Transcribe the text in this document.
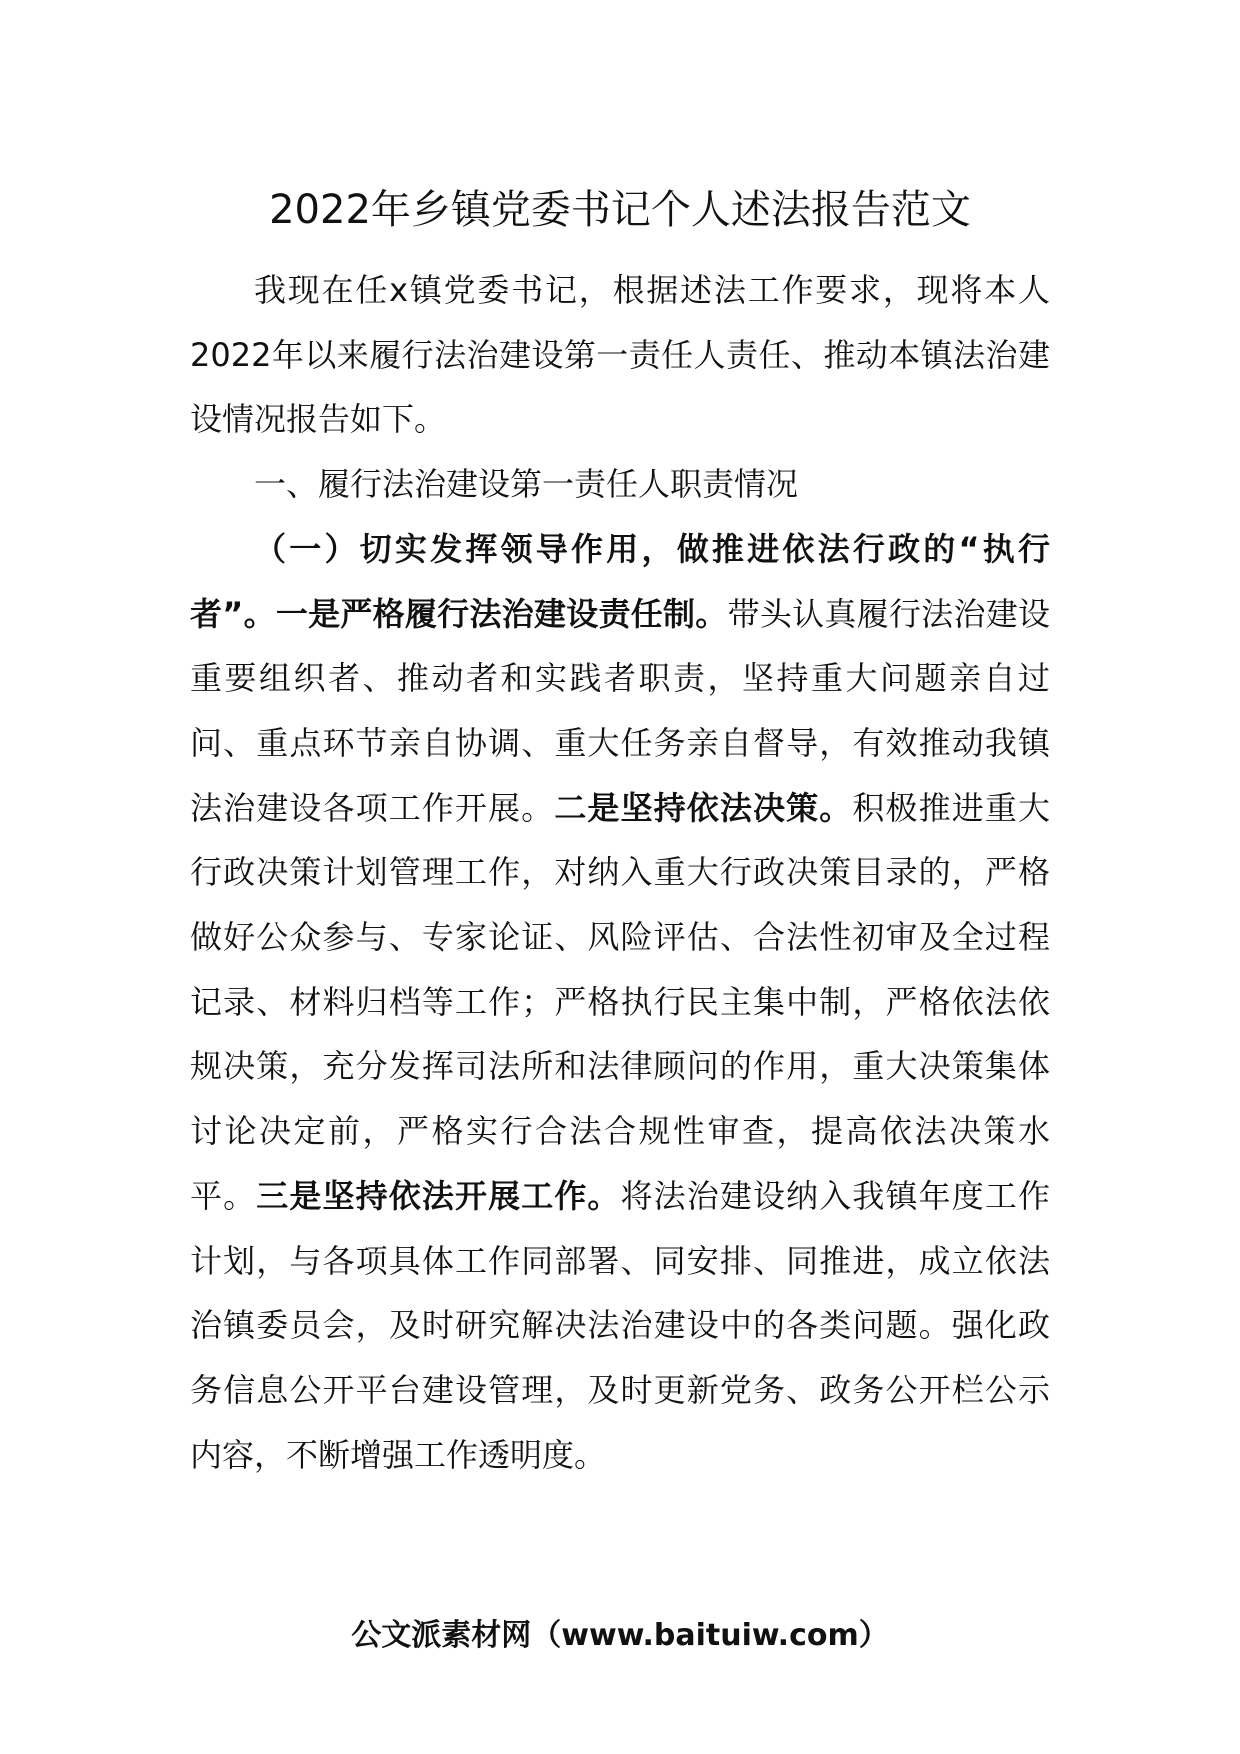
2022年乡镇党委书记个人述法报告范文

我现在任x镇党委书记，根据述法工作要求，现将本人2022年以来履行法治建设第一责任人责任、推动本镇法治建设情况报告如下。

一、履行法治建设第一责任人职责情况

（一）切实发挥领导作用，做推进依法行政的“执行者”。一是严格履行法治建设责任制。带头认真履行法治建设重要组织者、推动者和实践者职责，坚持重大问题亲自过问、重点环节亲自协调、重大任务亲自督导，有效推动我镇法治建设各项工作开展。二是坚持依法决策。积极推进重大行政决策计划管理工作，对纳入重大行政决策目录的，严格做好公众参与、专家论证、风险评估、合法性初审及全过程记录、材料归档等工作；严格执行民主集中制，严格依法依规决策，充分发挥司法所和法律顾问的作用，重大决策集体讨论决定前，严格实行合法合规性审查，提高依法决策水平。三是坚持依法开展工作。将法治建设纳入我镇年度工作计划，与各项具体工作同部署、同安排、同推进，成立依法治镇委员会，及时研究解决法治建设中的各类问题。强化政务信息公开平台建设管理，及时更新党务、政务公开栏公示内容，不断增强工作透明度。

公文派素材网（www.baituiw.com）
